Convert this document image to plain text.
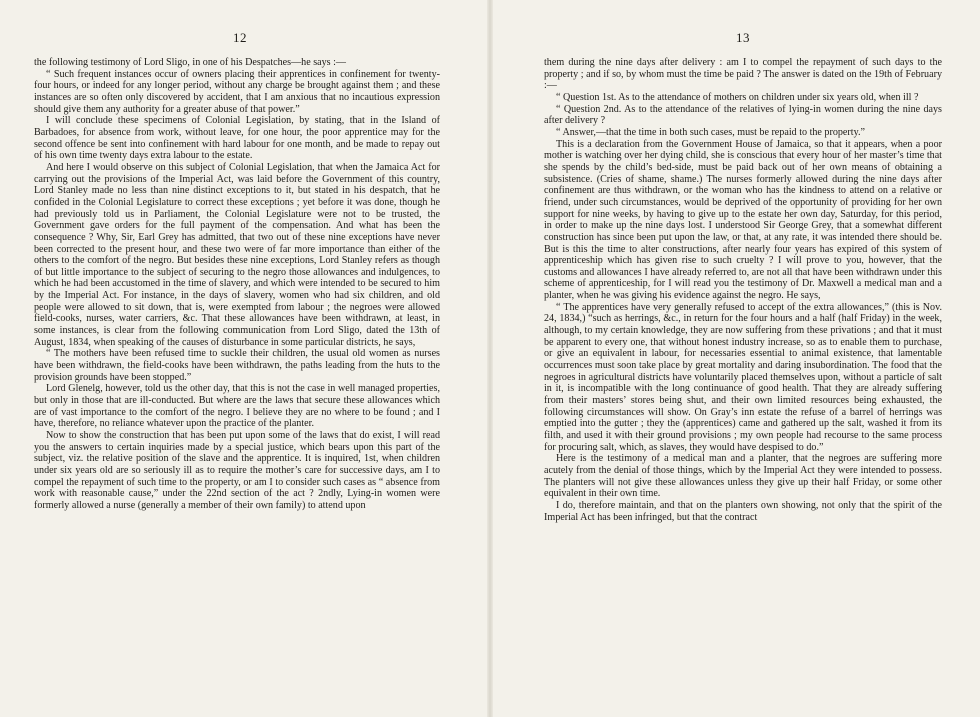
12

the following testimony of Lord Sligo, in one of his Despatches—he says :—

“ Such frequent instances occur of owners placing their apprentices in confinement for twenty-four hours, or indeed for any longer period, without any charge be brought against them ; and these instances are so often only discovered by accident, that I am anxious that no incautious expression should give them any authority for a greater abuse of that power.”

I will conclude these specimens of Colonial Legislation, by stating, that in the Island of Barbadoes, for absence from work, without leave, for one hour, the poor apprentice may for the second offence be sent into confinement with hard labour for one month, and be made to repay out of his own time twenty days extra labour to the estate.

And here I would observe on this subject of Colonial Legislation, that when the Jamaica Act for carrying out the provisions of the Imperial Act, was laid before the Government of this country, Lord Stanley made no less than nine distinct exceptions to it, but stated in his despatch, that he confided in the Colonial Legislature to correct these exceptions ; yet before it was done, though he had previously told us in Parliament, the Colonial Legislature were not to be trusted, the Government gave orders for the full payment of the compensation. And what has been the consequence ? Why, Sir, Earl Grey has admitted, that two out of these nine exceptions have never been corrected to the present hour, and these two were of far more importance than either of the others to the comfort of the negro. But besides these nine exceptions, Lord Stanley refers as though of but little importance to the subject of securing to the negro those allowances and indulgences, to which he had been accustomed in the time of slavery, and which were intended to be secured to him by the Imperial Act. For instance, in the days of slavery, women who had six children, and old people were allowed to sit down, that is, were exempted from labour ; the negroes were allowed field-cooks, nurses, water carriers, &c. That these allowances have been withdrawn, at least, in some instances, is clear from the following communication from Lord Sligo, dated the 13th of August, 1834, when speaking of the causes of disturbance in some particular districts, he says,

“ The mothers have been refused time to suckle their children, the usual old women as nurses have been withdrawn, the field-cooks have been withdrawn, the paths leading from the huts to the provision grounds have been stopped.”

Lord Glenelg, however, told us the other day, that this is not the case in well managed properties, but only in those that are ill-conducted. But where are the laws that secure these allowances which are of vast importance to the comfort of the negro. I believe they are no where to be found ; and I have, therefore, no reliance whatever upon the practice of the planter.

Now to show the construction that has been put upon some of the laws that do exist, I will read you the answers to certain inquiries made by a special justice, which bears upon this part of the subject, viz. the relative position of the slave and the apprentice. It is inquired, 1st, when children under six years old are so seriously ill as to require the mother’s care for successive days, am I to compel the repayment of such time to the property, or am I to consider such cases as “ absence from work with reasonable cause,” under the 22nd section of the act ? 2ndly, Lying-in women were formerly allowed a nurse (generally a member of their own family) to attend upon

13

them during the nine days after delivery : am I to compel the repayment of such days to the property ; and if so, by whom must the time be paid ? The answer is dated on the 19th of February :—

“ Question 1st. As to the attendance of mothers on children under six years old, when ill ?

“ Question 2nd. As to the attendance of the relatives of lying-in women during the nine days after delivery ?

“ Answer,—that the time in both such cases, must be repaid to the property.”

This is a declaration from the Government House of Jamaica, so that it appears, when a poor mother is watching over her dying child, she is conscious that every hour of her master’s time that she spends by the child’s bed-side, must be paid back out of her own means of obtaining a subsistence. (Cries of shame, shame.) The nurses formerly allowed during the nine days after confinement are thus withdrawn, or the woman who has the kindness to attend on a relative or friend, under such circumstances, would be deprived of the opportunity of providing for her own support for nine weeks, by having to give up to the estate her own day, Saturday, for this period, in order to make up the nine days lost. I understood Sir George Grey, that a somewhat different construction has since been put upon the law, or that, at any rate, it was intended there should be. But is this the time to alter constructions, after nearly four years has expired of this system of apprenticeship which has given rise to such cruelty ? I will prove to you, however, that the customs and allowances I have already referred to, are not all that have been withdrawn under this scheme of apprenticeship, for I will read you the testimony of Dr. Maxwell a medical man and a planter, when he was giving his evidence against the negro. He says,

“ The apprentices have very generally refused to accept of the extra allowances,” (this is Nov. 24, 1834,) “such as herrings, &c., in return for the four hours and a half (half Friday) in the week, although, to my certain knowledge, they are now suffering from these privations ; and that it must be apparent to every one, that without honest industry increase, so as to enable them to purchase, or give an equivalent in labour, for necessaries essential to animal existence, that lamentable occurrences must soon take place by great mortality and daring insubordination. The food that the negroes in agricultural districts have voluntarily placed themselves upon, without a particle of salt in it, is incompatible with the long continuance of good health. That they are already suffering from their masters’ stores being shut, and their own limited resources being exhausted, the following circumstances will show. On Gray’s inn estate the refuse of a barrel of herrings was emptied into the gutter ; they the (apprentices) came and gathered up the salt, washed it from its filth, and used it with their ground provisions ; my own people had recourse to the same process for procuring salt, which, as slaves, they would have despised to do.”

Here is the testimony of a medical man and a planter, that the negroes are suffering more acutely from the denial of those things, which by the Imperial Act they were intended to possess. The planters will not give these allowances unless they give up their half Friday, or some other equivalent in their own time.

I do, therefore maintain, and that on the planters own showing, not only that the spirit of the Imperial Act has been infringed, but that the contract
